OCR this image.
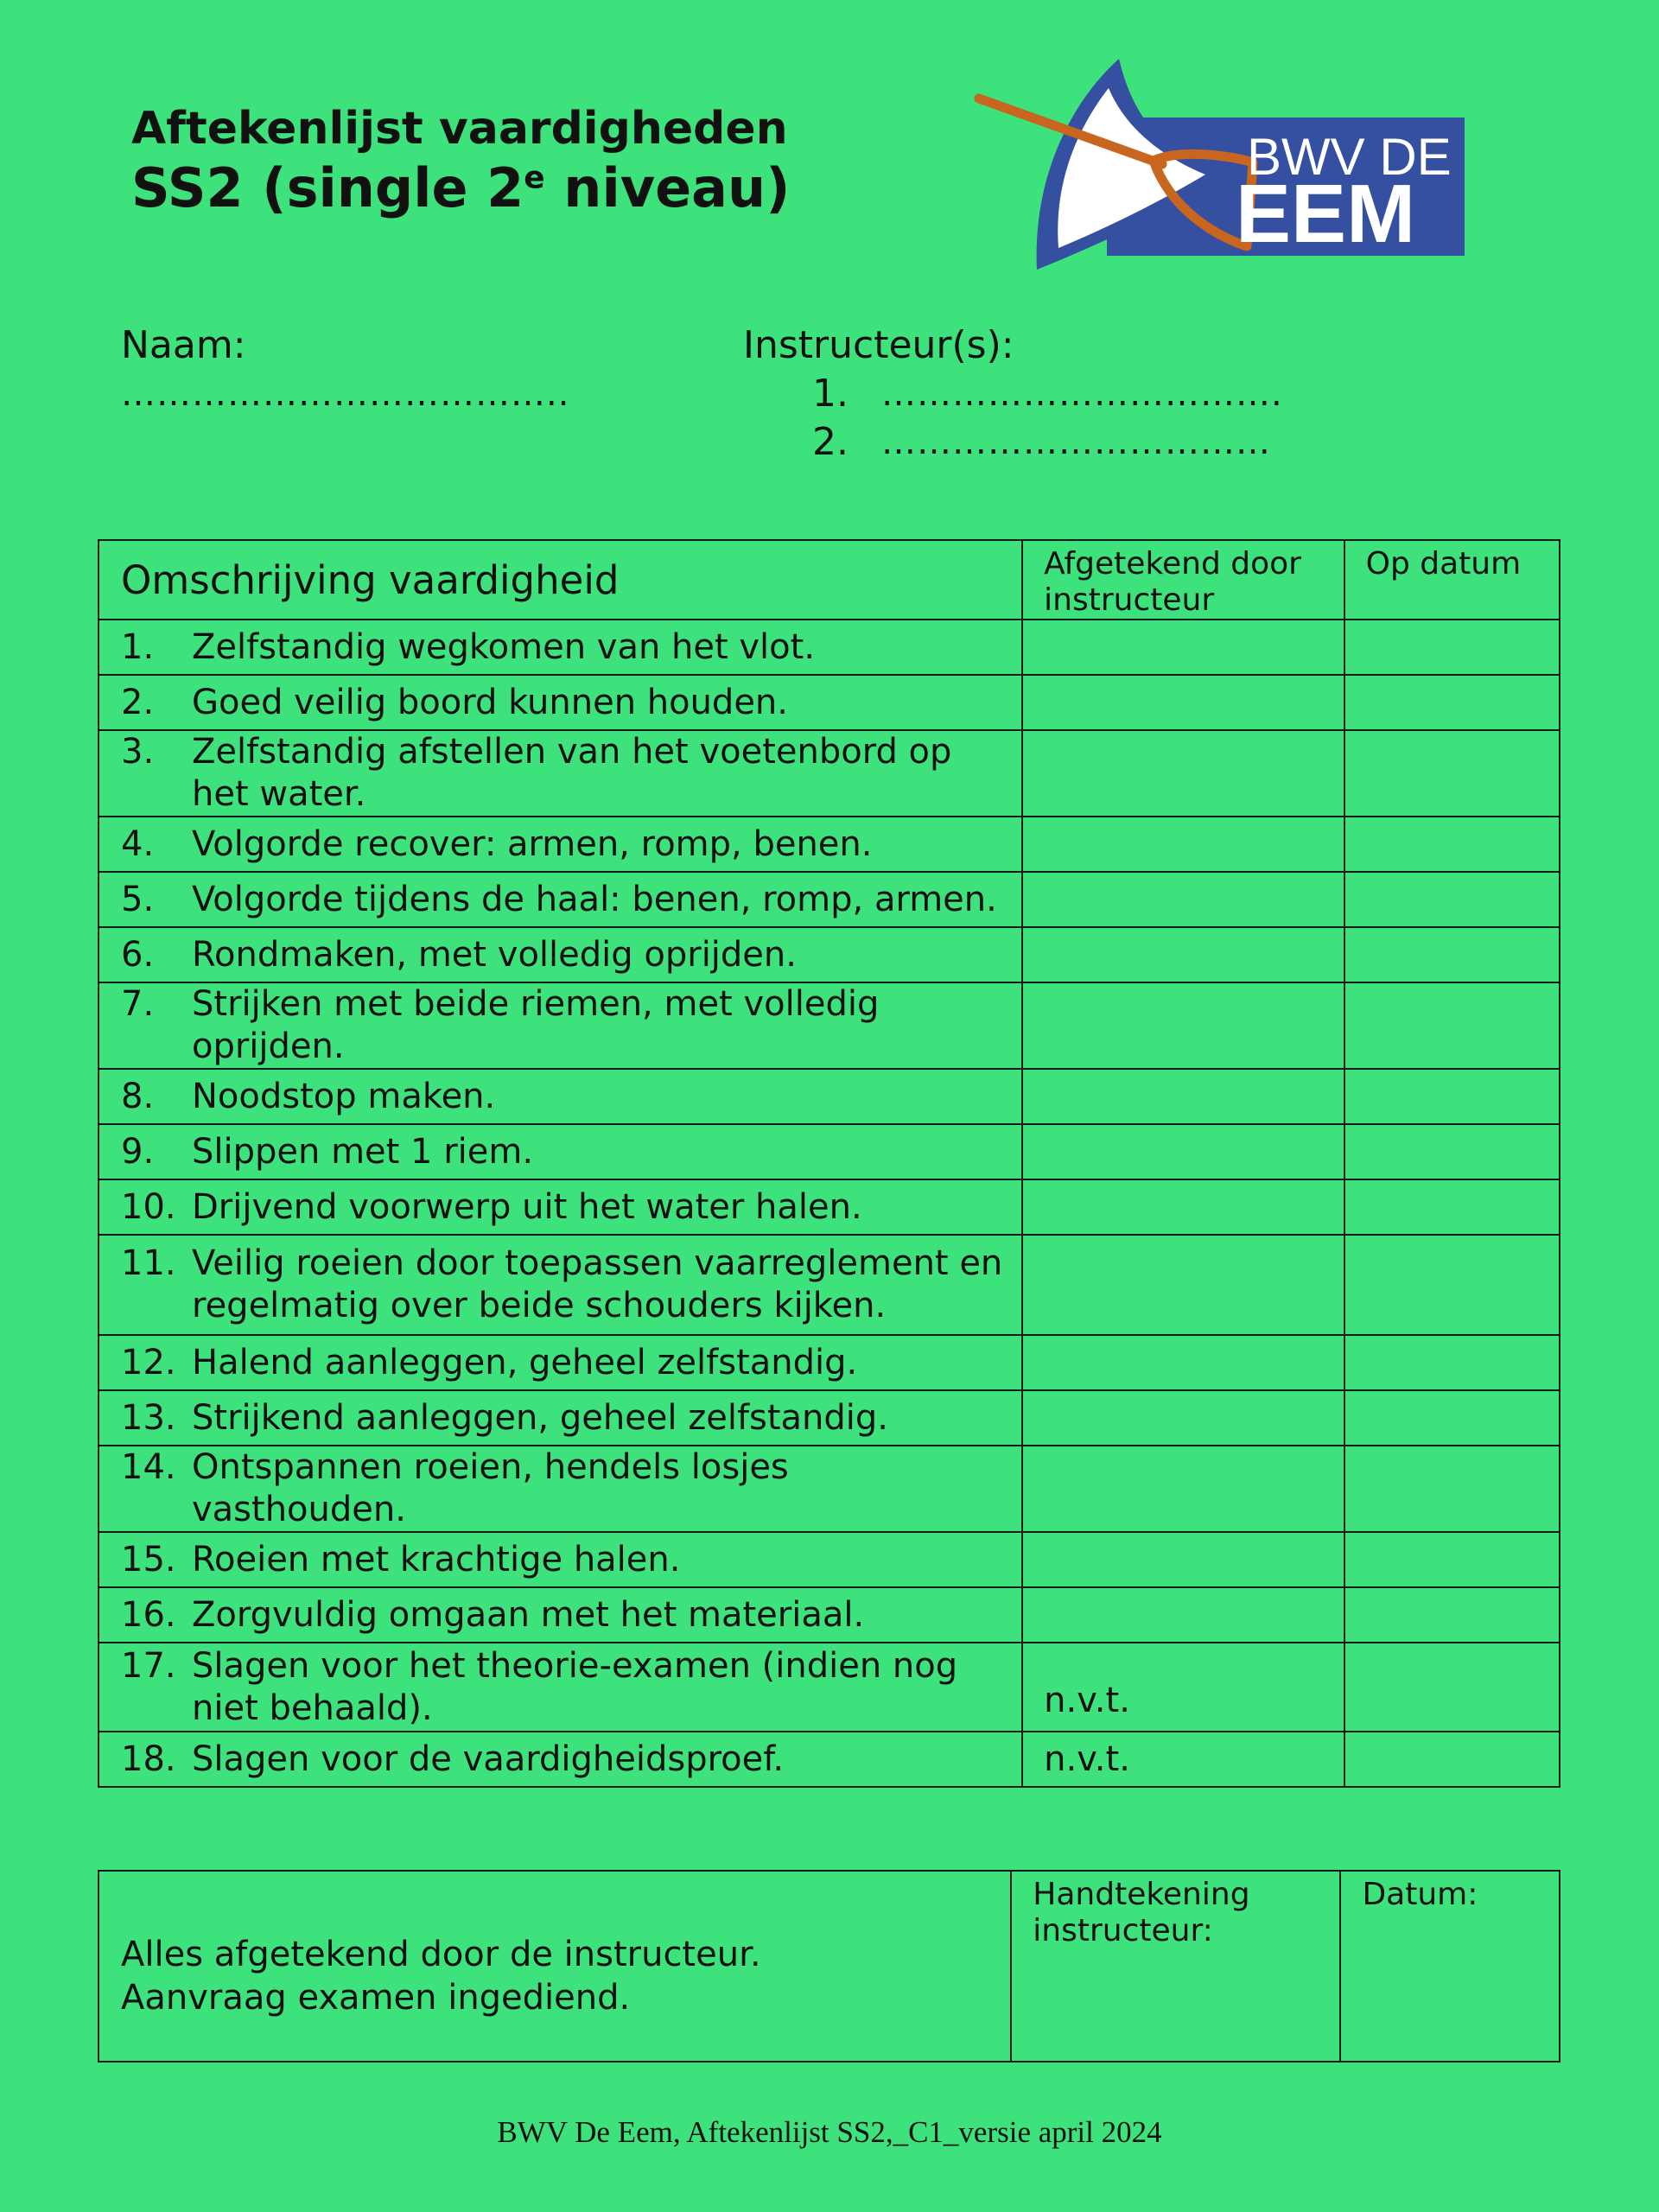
Aftekenlijst vaardigheden
SS2 (single 2e niveau)	BWV DE
EEM
Naam:
………………………………..
Instructeur(s):
1. …………………………….
2. ……………………………
Omschrijving vaardigheid	Afgetekend door instructeur	Op datum

1. Zelfstandig wegkomen van het vlot.		

2. Goed veilig boord kunnen houden.		

3. Zelfstandig afstellen van het voetenbord op het water.		

4. Volgorde recover: armen, romp, benen.		

5. Volgorde tijdens de haal: benen, romp, armen.		

6. Rondmaken, met volledig oprijden.		

7. Strijken met beide riemen, met volledig oprijden.		

8. Noodstop maken.		

9. Slippen met 1 riem.		

10. Drijvend voorwerp uit het water halen.		

11. Veilig roeien door toepassen vaarreglement en regelmatig over beide schouders kijken.		

12. Halend aanleggen, geheel zelfstandig.		

13. Strijkend aanleggen, geheel zelfstandig.		

14. Ontspannen roeien, hendels losjes vasthouden.		

15. Roeien met krachtige halen.		

16. Zorgvuldig omgaan met het materiaal.		

17. Slagen voor het theorie-examen (indien nog niet behaald).	n.v.t.	

18. Slagen voor de vaardigheidsproef.	n.v.t.	
Alles afgetekend door de instructeur.
Aanvraag examen ingediend.
	Handtekening instructeur:	Datum:
BWV De Eem, Aftekenlijst SS2,_C1_versie april 2024
